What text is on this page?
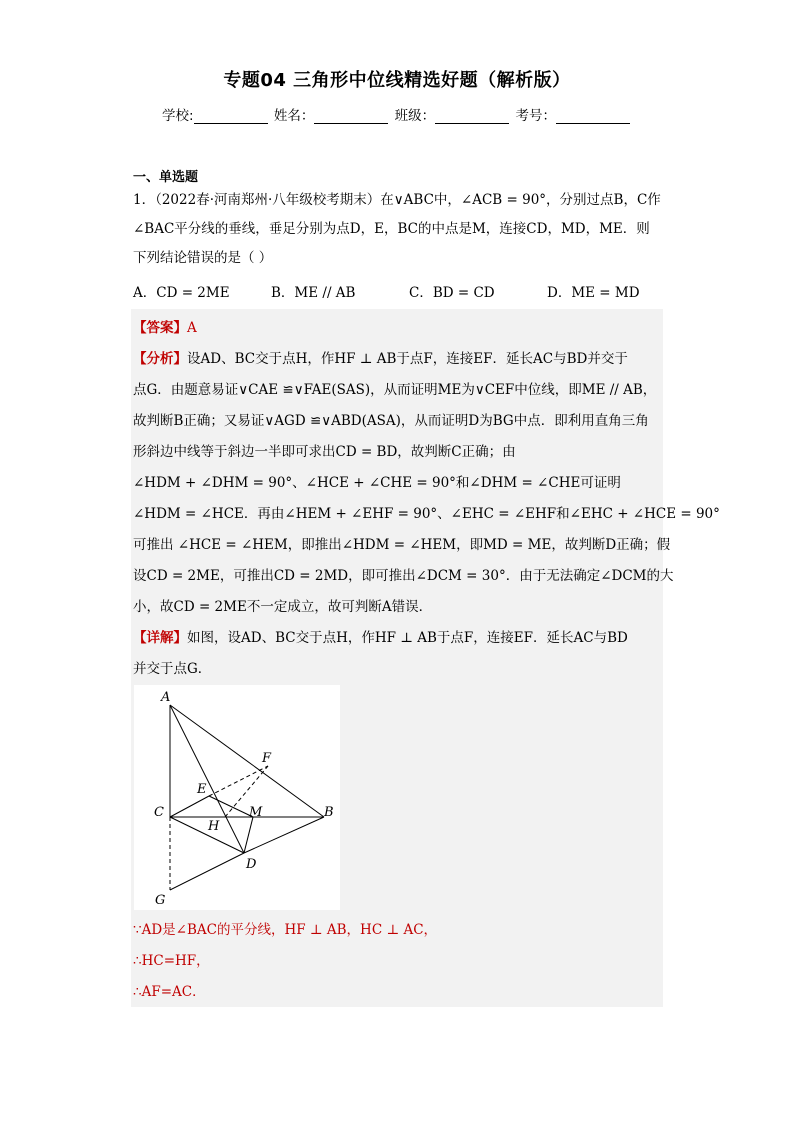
专题04 三角形中位线精选好题（解析版）
学校:	姓名：	班级：	考号：
一、单选题

1．（2022春·河南郑州·八年级校考期末）在∨ABC中，∠ACB = 90°，分别过点B，C作

∠BAC平分线的垂线，垂足分别为点D，E，BC的中点是M，连接CD，MD，ME．则

下列结论错误的是（ ）

A．CD = 2ME	B．ME // AB	C．BD = CD	D．ME = MD

【答案】A

【分析】设AD、BC交于点H，作HF ⊥ AB于点F，连接EF．延长AC与BD并交于

点G．由题意易证∨CAE ≌∨FAE(SAS)，从而证明ME为∨CEF中位线，即ME // AB，

故判断B正确；又易证∨AGD ≌∨ABD(ASA)，从而证明D为BG中点．即利用直角三角

形斜边中线等于斜边一半即可求出CD = BD，故判断C正确；由

∠HDM + ∠DHM = 90°、∠HCE + ∠CHE = 90°和∠DHM = ∠CHE可证明

∠HDM = ∠HCE．再由∠HEM + ∠EHF = 90°、∠EHC = ∠EHF和∠EHC + ∠HCE = 90°

可推出 ∠HCE = ∠HEM，即推出∠HDM = ∠HEM，即MD = ME，故判断D正确；假

设CD = 2ME，可推出CD = 2MD，即可推出∠DCM = 30°．由于无法确定∠DCM的大

小，故CD = 2ME不一定成立，故可判断A错误．

【详解】如图，设AD、BC交于点H，作HF ⊥ AB于点F，连接EF．延长AC与BD

并交于点G．

∵AD是∠BAC的平分线，HF ⊥ AB，HC ⊥ AC，

∴HC=HF，

∴AF=AC．

A
F
E
C	M	B
H
D
G
